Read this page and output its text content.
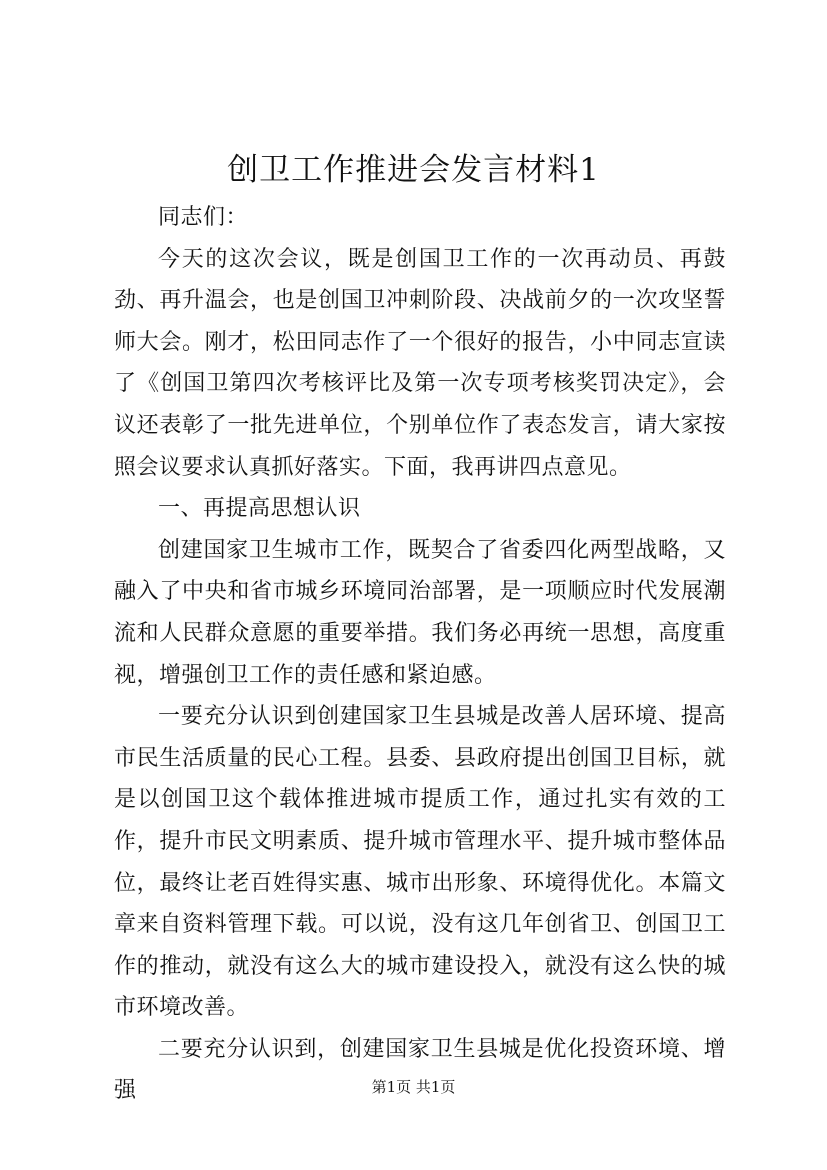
创卫工作推进会发言材料1

同志们：

今天的这次会议，既是创国卫工作的一次再动员、再鼓劲、再升温会，也是创国卫冲刺阶段、决战前夕的一次攻坚誓师大会。刚才，松田同志作了一个很好的报告，小中同志宣读了《创国卫第四次考核评比及第一次专项考核奖罚决定》，会议还表彰了一批先进单位，个别单位作了表态发言，请大家按照会议要求认真抓好落实。下面，我再讲四点意见。

一、再提高思想认识

创建国家卫生城市工作，既契合了省委四化两型战略，又融入了中央和省市城乡环境同治部署，是一项顺应时代发展潮流和人民群众意愿的重要举措。我们务必再统一思想，高度重视，增强创卫工作的责任感和紧迫感。

一要充分认识到创建国家卫生县城是改善人居环境、提高市民生活质量的民心工程。县委、县政府提出创国卫目标，就是以创国卫这个载体推进城市提质工作，通过扎实有效的工作，提升市民文明素质、提升城市管理水平、提升城市整体品位，最终让老百姓得实惠、城市出形象、环境得优化。本篇文章来自资料管理下载。可以说，没有这几年创省卫、创国卫工作的推动，就没有这么大的城市建设投入，就没有这么快的城市环境改善。

二要充分认识到，创建国家卫生县城是优化投资环境、增强	第1页 共1页
